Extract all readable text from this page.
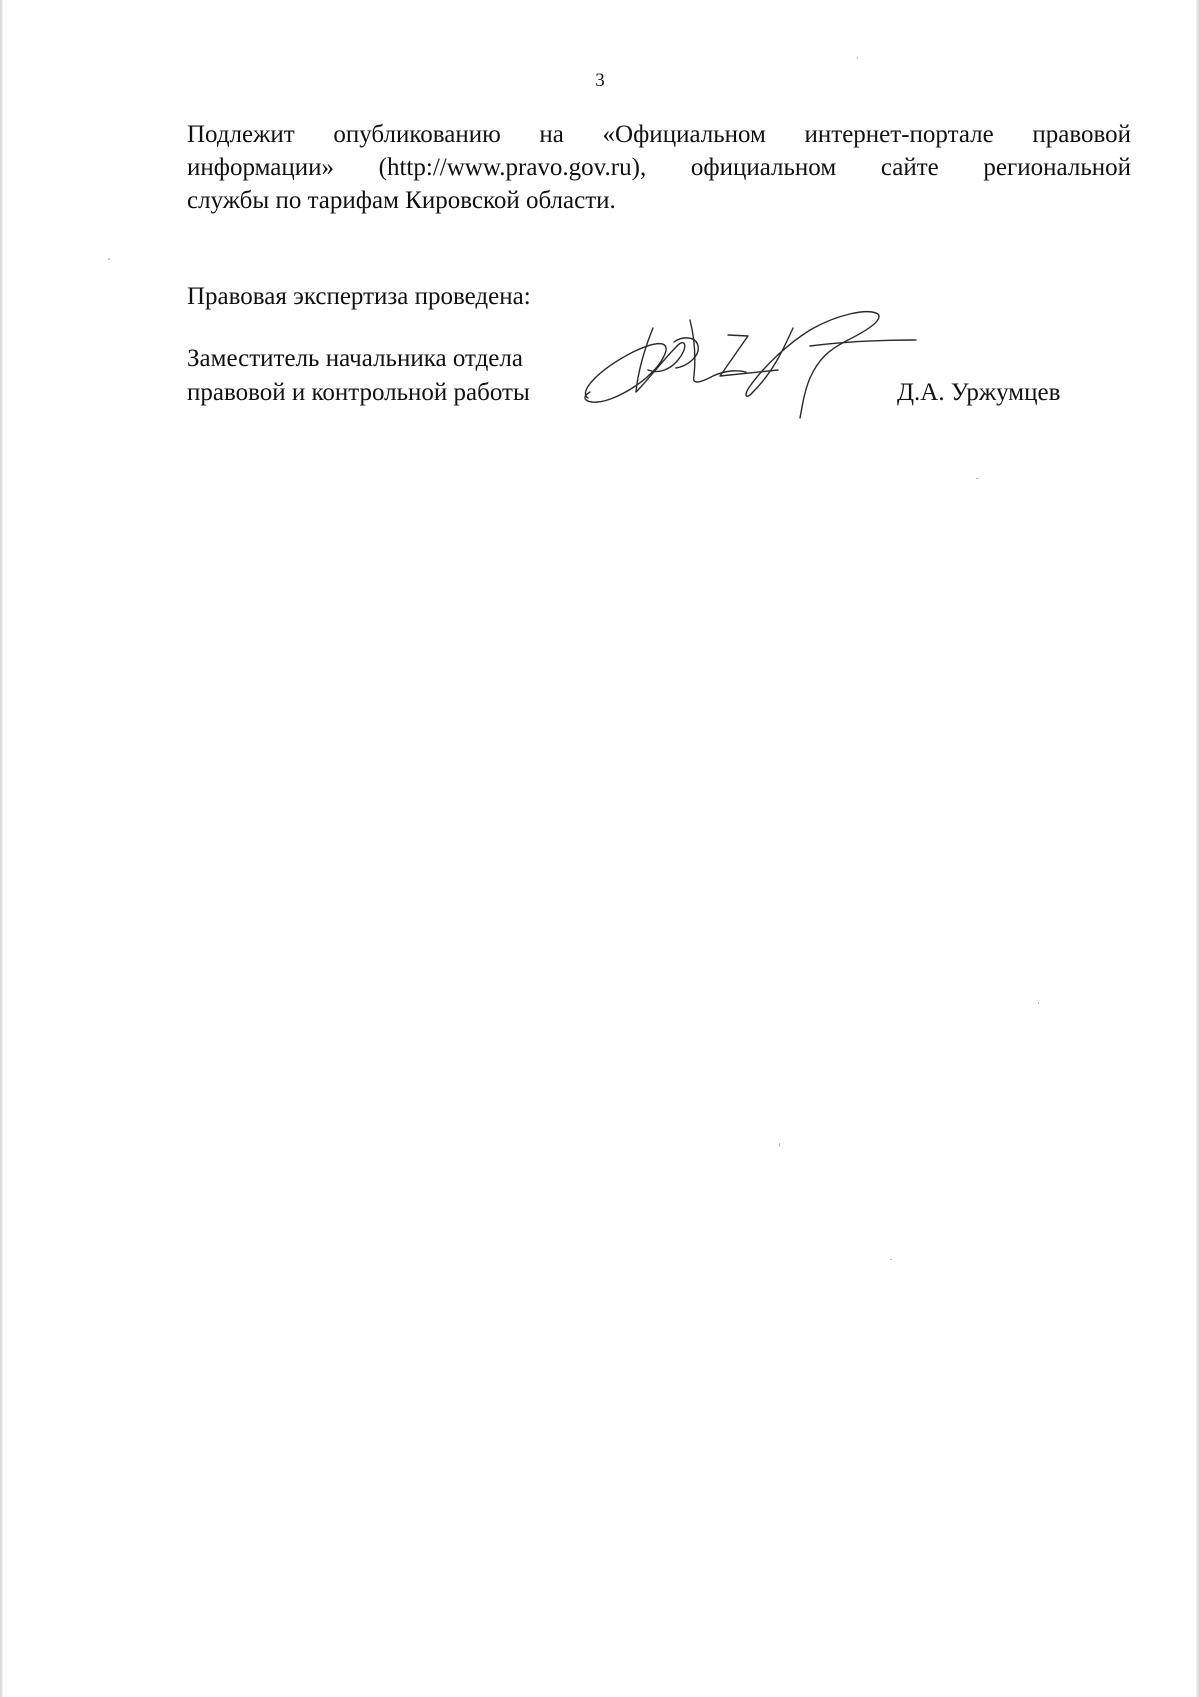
3
Подлежит опубликованию на «Официальном интернет-портале правовой
информации» (http://www.pravo.gov.ru), официальном сайте региональной
службы по тарифам Кировской области.
Правовая экспертиза проведена:
Заместитель начальника отдела
правовой и контрольной работы	Д.А. Уржумцев
